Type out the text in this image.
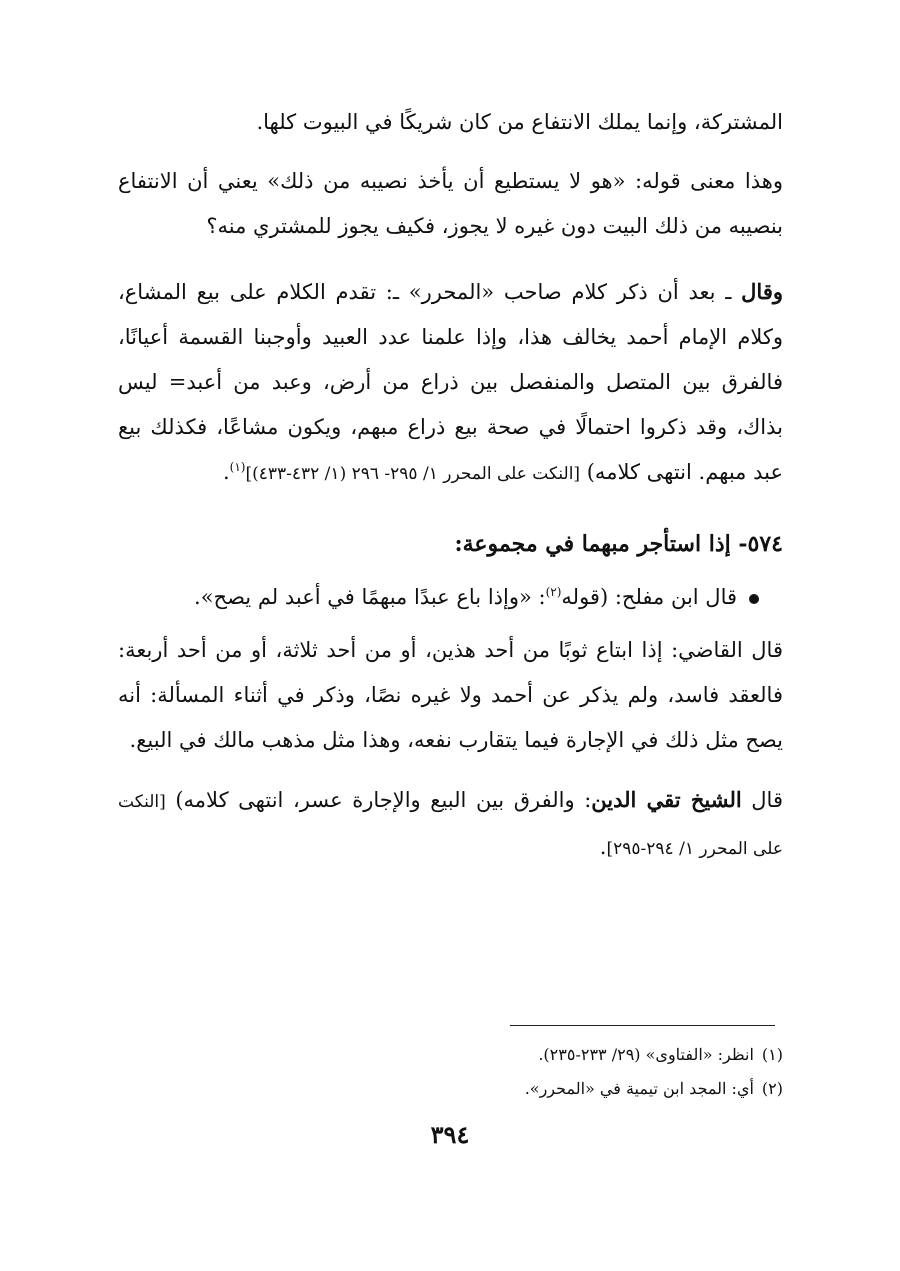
المشتركة، وإنما يملك الانتفاع من كان شريكًا في البيوت كلها.

وهذا معنى قوله: «هو لا يستطيع أن يأخذ نصيبه من ذلك» يعني أن الانتفاع بنصيبه من ذلك البيت دون غيره لا يجوز، فكيف يجوز للمشتري منه؟

وقال ـ بعد أن ذكر كلام صاحب «المحرر» ـ: تقدم الكلام على بيع المشاع، وكلام الإمام أحمد يخالف هذا، وإذا علمنا عدد العبيد وأوجبنا القسمة أعيانًا، فالفرق بين المتصل والمنفصل بين ذراع من أرض، وعبد من أعبد= ليس بذاك، وقد ذكروا احتمالًا في صحة بيع ذراع مبهم، ويكون مشاعًا، فكذلك بيع عبد مبهم. انتهى كلامه) [النكت على المحرر ١/ ٢٩٥- ٢٩٦ (١/ ٤٣٢-٤٣٣)]$^{(١)}$.

٥٧٤- إذا استأجر مبهما في مجموعة:
قال ابن مفلح: (قوله$^{(٢)}$: «وإذا باع عبدًا مبهمًا في أعبد لم يصح».

قال القاضي: إذا ابتاع ثوبًا من أحد هذين، أو من أحد ثلاثة، أو من أحد أربعة: فالعقد فاسد، ولم يذكر عن أحمد ولا غيره نصًا، وذكر في أثناء المسألة: أنه يصح مثل ذلك في الإجارة فيما يتقارب نفعه، وهذا مثل مذهب مالك في البيع.

قال الشيخ تقي الدين: والفرق بين البيع والإجارة عسر، انتهى كلامه) [النكت على المحرر ١/ ٢٩٤-٢٩٥].

(١)انظر: «الفتاوى» (٢٩/ ٢٣٣-٢٣٥).
(٢)أي: المجد ابن تيمية في «المحرر».
٣٩٤
